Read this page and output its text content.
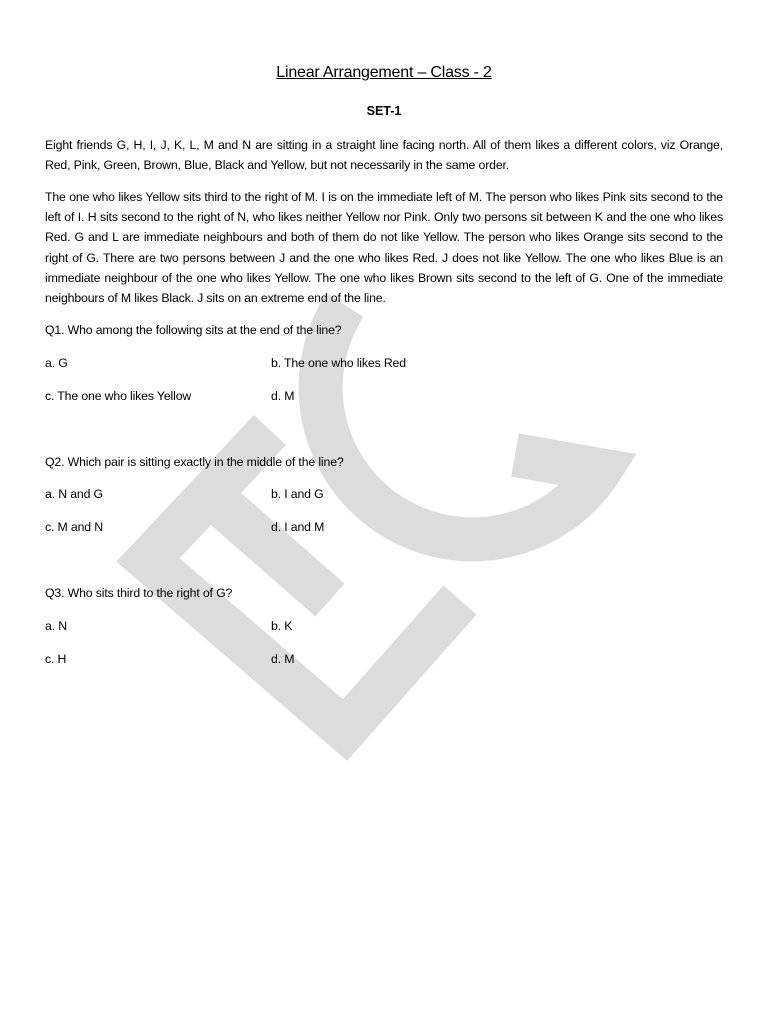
Linear Arrangement – Class - 2
SET-1

Eight friends G, H, I, J, K, L, M and N are sitting in a straight line facing north. All of them likes a different colors, viz Orange, Red, Pink, Green, Brown, Blue, Black and Yellow, but not necessarily in the same order.

The one who likes Yellow sits third to the right of M. I is on the immediate left of M. The person who likes Pink sits second to the left of I. H sits second to the right of N, who likes neither Yellow nor Pink. Only two persons sit between K and the one who likes Red. G and L are immediate neighbours and both of them do not like Yellow. The person who likes Orange sits second to the right of G. There are two persons between J and the one who likes Red. J does not like Yellow. The one who likes Blue is an immediate neighbour of the one who likes Yellow. The one who likes Brown sits second to the left of G. One of the immediate neighbours of M likes Black. J sits on an extreme end of the line.

Q1. Who among the following sits at the end of the line?
a. G	b. The one who likes Red
c. The one who likes Yellow	d. M
Q2. Which pair is sitting exactly in the middle of the line?
a. N and G	b. I and G
c. M and N	d. I and M
Q3. Who sits third to the right of G?
a. N	b. K
c. H	d. M
